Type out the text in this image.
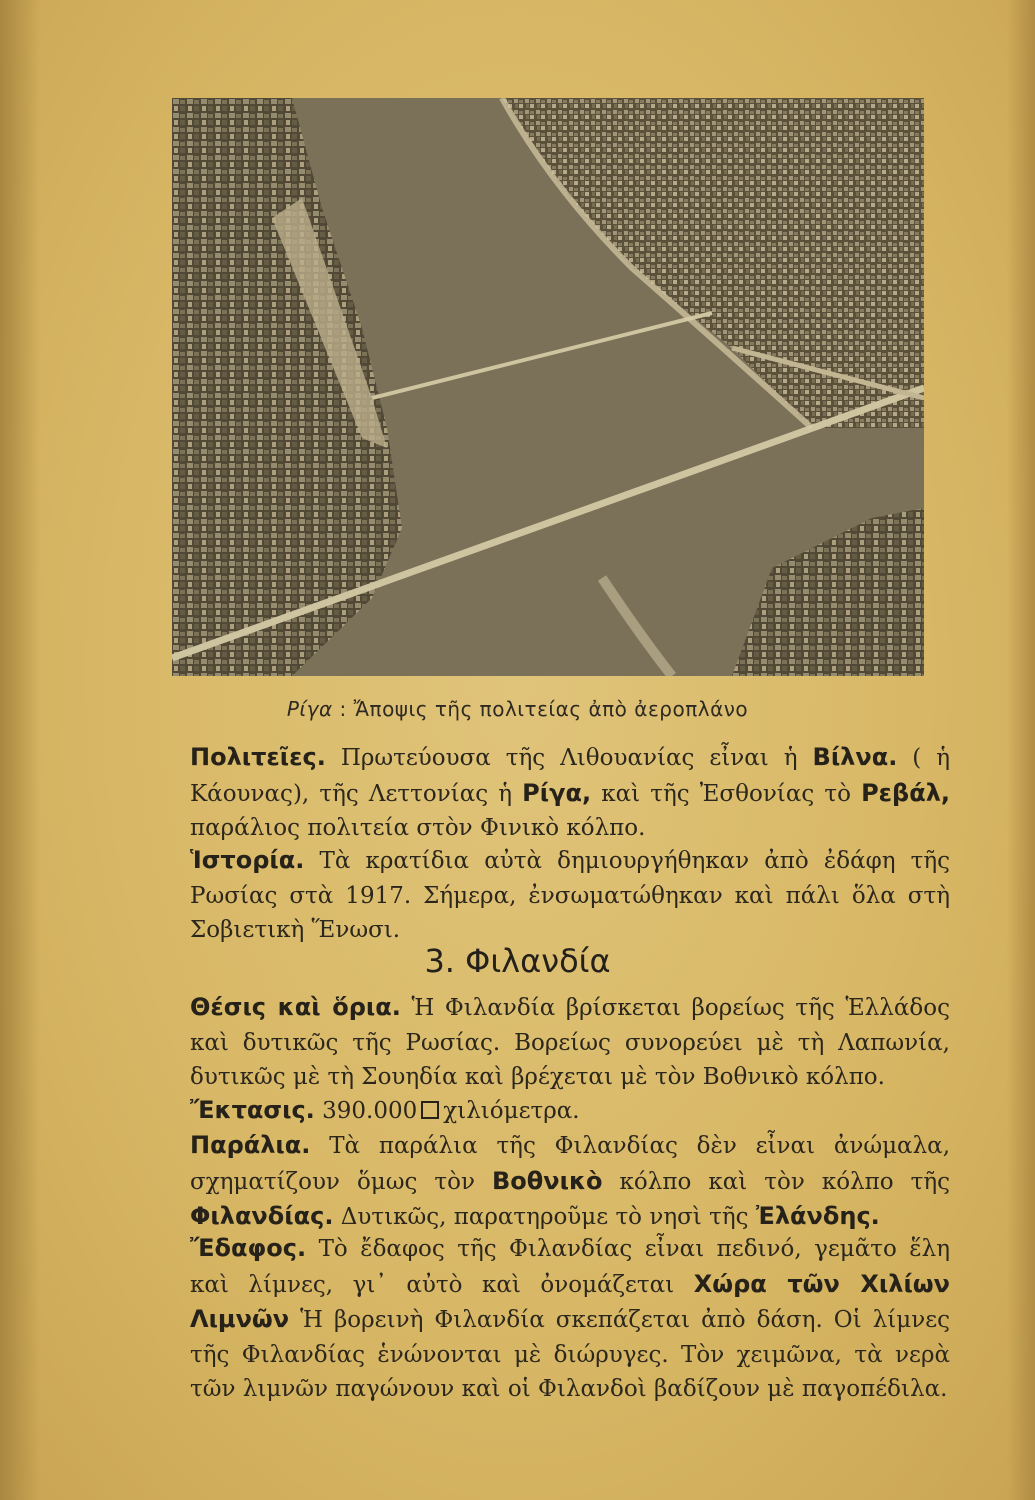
Ρίγα : Ἄποψις τῆς πολιτείας ἀπὸ ἀεροπλάνο
Πολιτεῖες. Πρωτεύουσα τῆς Λιθουανίας εἶναι ἡ Βίλνα. ( ἡ Κάουνας), τῆς Λεττονίας ἡ Ρίγα, καὶ τῆς Ἐσθονίας τὸ Ρεβάλ, παράλιος πολιτεία στὸν Φινικὸ κόλπο.
Ἱστορία. Τὰ κρατίδια αὐτὰ δημιουργήθηκαν ἀπὸ ἐδάφη τῆς Ρωσίας στὰ 1917. Σήμερα, ἐνσωματώθηκαν καὶ πάλι ὅλα στὴ Σοβιετικὴ Ἕνωσι.
3. Φιλανδία
Θέσις καὶ ὅρια. Ἡ Φιλανδία βρίσκεται βορείως τῆς Ἑλλάδος καὶ δυτικῶς τῆς Ρωσίας. Βορείως συνορεύει μὲ τὴ Λαπωνία, δυτικῶς μὲ τὴ Σουηδία καὶ βρέχεται μὲ τὸν Βοθνικὸ κόλπο.
Ἔκτασις. 390.000 χιλιόμετρα.
Παράλια. Τὰ παράλια τῆς Φιλανδίας δὲν εἶναι ἀνώμαλα, σχηματίζουν ὅμως τὸν Βοθνικὸ κόλπο καὶ τὸν κόλπο τῆς Φιλανδίας. Δυτικῶς, παρατηροῦμε τὸ νησὶ τῆς Ἐλάνδης.
Ἔδαφος. Τὸ ἔδαφος τῆς Φιλανδίας εἶναι πεδινό, γεμᾶτο ἕλη καὶ λίμνες, γι᾿ αὐτὸ καὶ ὀνομάζεται Χώρα τῶν Χιλίων Λιμνῶν Ἡ βορεινὴ Φιλανδία σκεπάζεται ἀπὸ δάση. Οἱ λίμνες τῆς Φιλανδίας ἑνώνονται μὲ διώρυγες. Τὸν χειμῶνα, τὰ νερὰ τῶν λιμνῶν παγώνουν καὶ οἱ Φιλανδοὶ βαδίζουν μὲ παγοπέδιλα.
